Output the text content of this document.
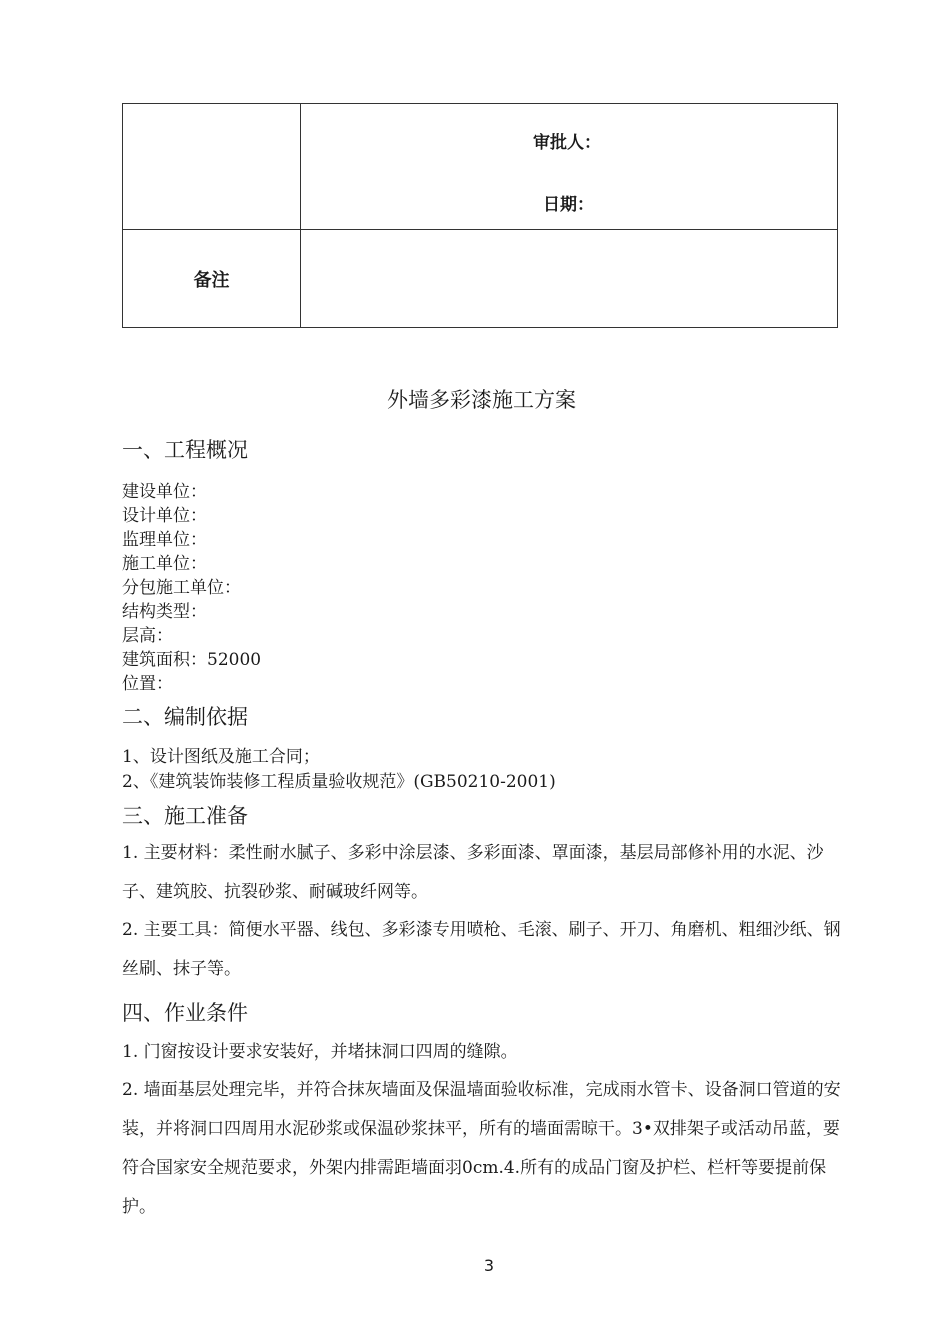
	审批人：
日期：

备注	
外墙多彩漆施工方案
一、工程概况
建设单位：
设计单位：
监理单位：
施工单位：
分包施工单位：
结构类型：
层高：
建筑面积：52000
位置：
二、编制依据
1、设计图纸及施工合同；
2、《建筑装饰装修工程质量验收规范》(GB50210-2001)
三、施工准备
1. 主要材料：柔性耐水腻子、多彩中涂层漆、多彩面漆、罩面漆，基层局部修补用的水泥、沙子、建筑胶、抗裂砂浆、耐碱玻纤网等。
2. 主要工具：简便水平器、线包、多彩漆专用喷枪、毛滚、刷子、开刀、角磨机、粗细沙纸、钢丝刷、抹子等。
四、作业条件
1. 门窗按设计要求安装好，并堵抹洞口四周的缝隙。
2. 墙面基层处理完毕，并符合抹灰墙面及保温墙面验收标准，完成雨水管卡、设备洞口管道的安装，并将洞口四周用水泥砂浆或保温砂浆抹平，所有的墙面需晾干。3•双排架子或活动吊蓝，要符合国家安全规范要求，外架内排需距墙面羽0cm.4.所有的成品门窗及护栏、栏杆等要提前保护。
3
